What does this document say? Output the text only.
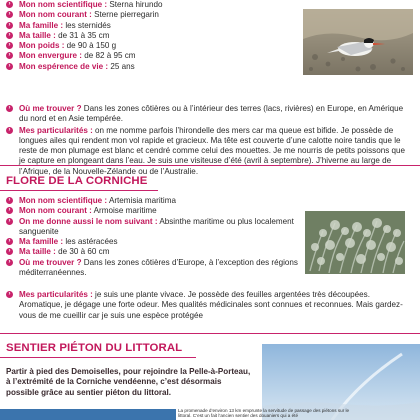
›	Mon nom scientifique : Sterna hirundo
›	Mon nom courant : Sterne pierregarin
›	Ma famille : les sternidés
›	Ma taille : de 31 à 35 cm
›	Mon poids : de 90 à 150 g
›	Mon envergure : de 82 à 95 cm
›	Mon espérence de vie : 25 ans
›	Où me trouver ? Dans les zones côtières ou à l’intérieur des terres (lacs, rivières) en Europe, en Amérique du nord et en Asie tempérée.
›	Mes particularités : on me nomme parfois l’hirondelle des mers car ma queue est bifide. Je possède de longues ailes qui rendent mon vol rapide et gracieux. Ma tête est couverte d’une calotte noire tandis que le reste de mon plumage est blanc et cendré comme celui des mouettes. Je me nourris de petits poissons que je capture en plongeant dans l’eau. Je suis une visiteuse d’été (avril à septembre). J’hiverne au large de l’Afrique, de la Nouvelle-Zélande ou de l’Australie.
FLORE DE LA CORNICHE
›	Mon nom scientifique : Artemisia maritima
›	Mon nom courant : Armoise maritime
›	On me donne aussi le nom suivant : Absinthe maritime ou plus localement sanguenite
›	Ma famille : les astéracées
›	Ma taille : de 30 à 60 cm
›	Où me trouver ? Dans les zones côtières d’Europe, à l’exception des régions méditerranéennes.
›	Mes particularités : je suis une plante vivace. Je possède des feuilles argentées très découpées. Aromatique, je dégage une forte odeur. Mes qualités médicinales sont connues et reconnues. Mais gardez-vous de me cueillir car je suis une espèce protégée
SENTIER PIÉTON DU LITTORAL
Partir à pied des Demoiselles, pour rejoindre la Pelle-à-Porteau, à l’extrémité de la Corniche vendéenne, c’est désormais possible grâce au sentier piéton du littoral.
La promenade d’environ 13 km emprunte la servitude de passage des piétons sur le littoral. C’est un fait l’ancien sentier des douaniers qui a été
